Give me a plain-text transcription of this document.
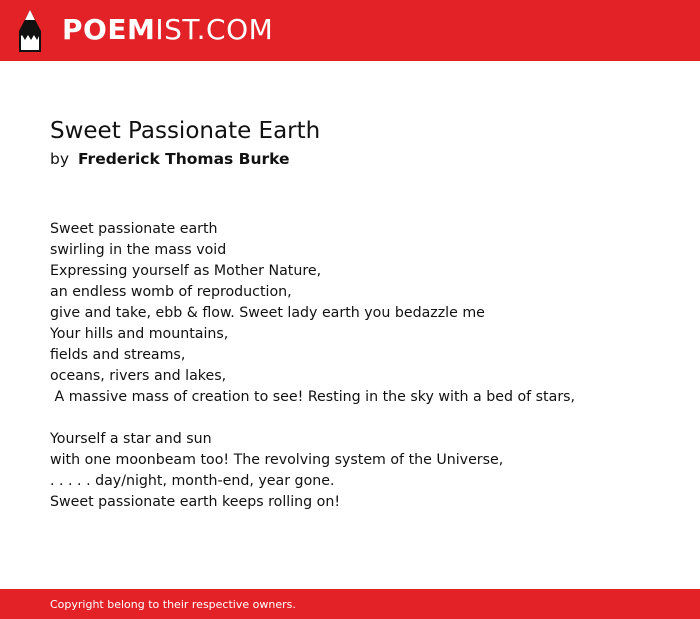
POEMIST.COM
Sweet Passionate Earth
by Frederick Thomas Burke
Sweet passionate earth
swirling in the mass void
Expressing yourself as Mother Nature,
an endless womb of reproduction,
give and take, ebb & flow. Sweet lady earth you bedazzle me
Your hills and mountains,
fields and streams,
oceans, rivers and lakes,
A massive mass of creation to see! Resting in the sky with a bed of stars,
Yourself a star and sun
with one moonbeam too! The revolving system of the Universe,
. . . . . day/night, month-end, year gone.
Sweet passionate earth keeps rolling on!
Copyright belong to their respective owners.
